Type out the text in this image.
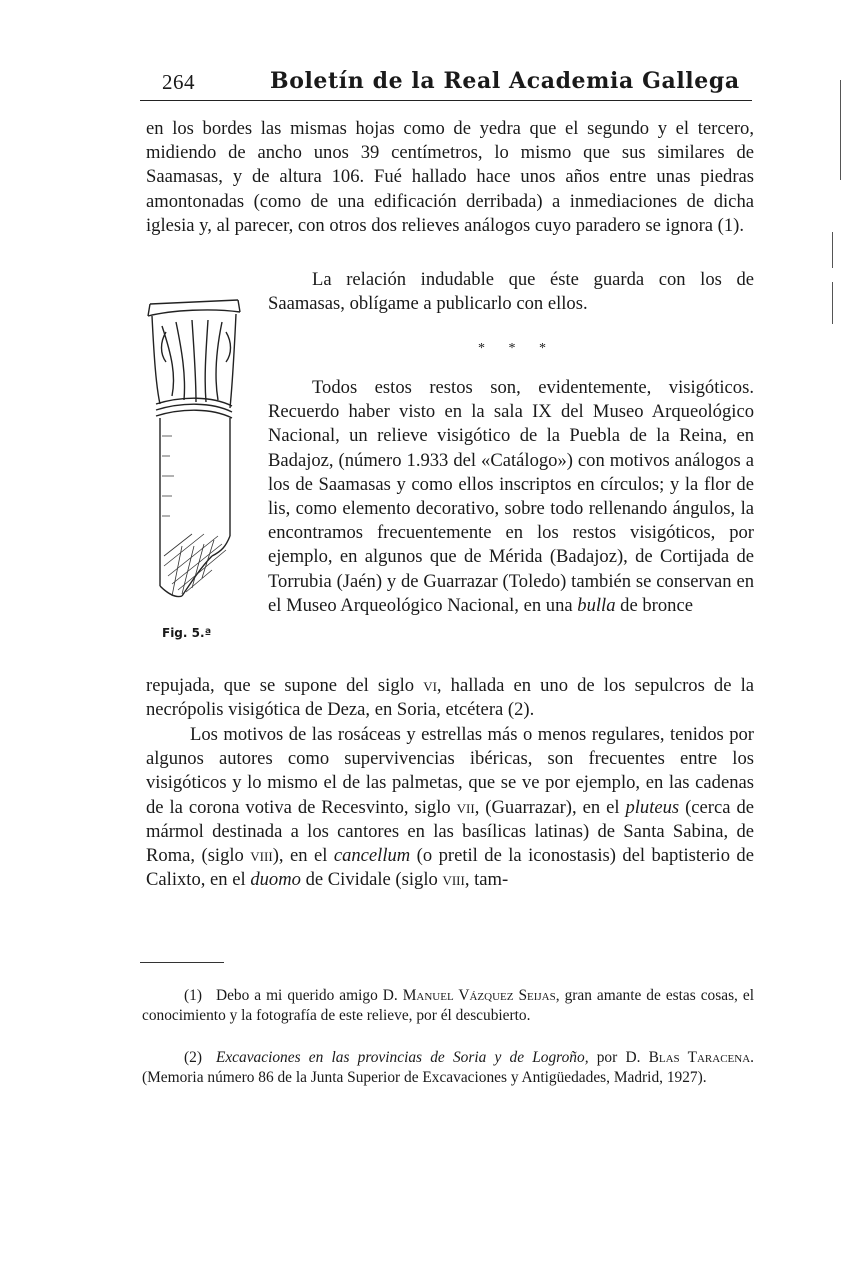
264	Boletín de la Real Academia Gallega

en los bordes las mismas hojas como de yedra que el segundo y el tercero, midiendo de ancho unos 39 centímetros, lo mismo que sus similares de Saamasas, y de altura 106. Fué hallado hace unos años entre unas piedras amontonadas (como de una edificación derribada) a inmediaciones de dicha iglesia y, al parecer, con otros dos relieves análogos cuyo paradero se ignora (1).

La relación indudable que éste guarda con los de Saamasas, oblígame a publicarlo con ellos.

* * *
Fig. 5.ª

Todos estos restos son, evidentemente, visigóticos. Recuerdo haber visto en la sala IX del Museo Arqueológico Nacional, un relieve visigótico de la Puebla de la Reina, en Badajoz, (número 1.933 del «Catálogo») con motivos análogos a los de Saamasas y como ellos inscriptos en círculos; y la flor de lis, como elemento decorativo, sobre todo rellenando ángulos, la encontramos frecuentemente en los restos visigóticos, por ejemplo, en algunos que de Mérida (Badajoz), de Cortijada de Torrubia (Jaén) y de Guarrazar (Toledo) también se conservan en el Museo Arqueológico Nacional, en una bulla de bronce

repujada, que se supone del siglo vi, hallada en uno de los sepulcros de la necrópolis visigótica de Deza, en Soria, etcétera (2).

Los motivos de las rosáceas y estrellas más o menos regulares, tenidos por algunos autores como supervivencias ibéricas, son frecuentes entre los visigóticos y lo mismo el de las palmetas, que se ve por ejemplo, en las cadenas de la corona votiva de Recesvinto, siglo vii, (Guarrazar), en el pluteus (cerca de mármol destinada a los cantores en las basílicas latinas) de Santa Sabina, de Roma, (siglo viii), en el cancellum (o pretil de la iconostasis) del baptisterio de Calixto, en el duomo de Cividale (siglo viii, tam-

(1) Debo a mi querido amigo D. Manuel Vázquez Seijas, gran amante de estas cosas, el conocimiento y la fotografía de este relieve, por él descubierto.

(2) Excavaciones en las provincias de Soria y de Logroño, por D. Blas Taracena. (Memoria número 86 de la Junta Superior de Excavaciones y Antigüedades, Madrid, 1927).
